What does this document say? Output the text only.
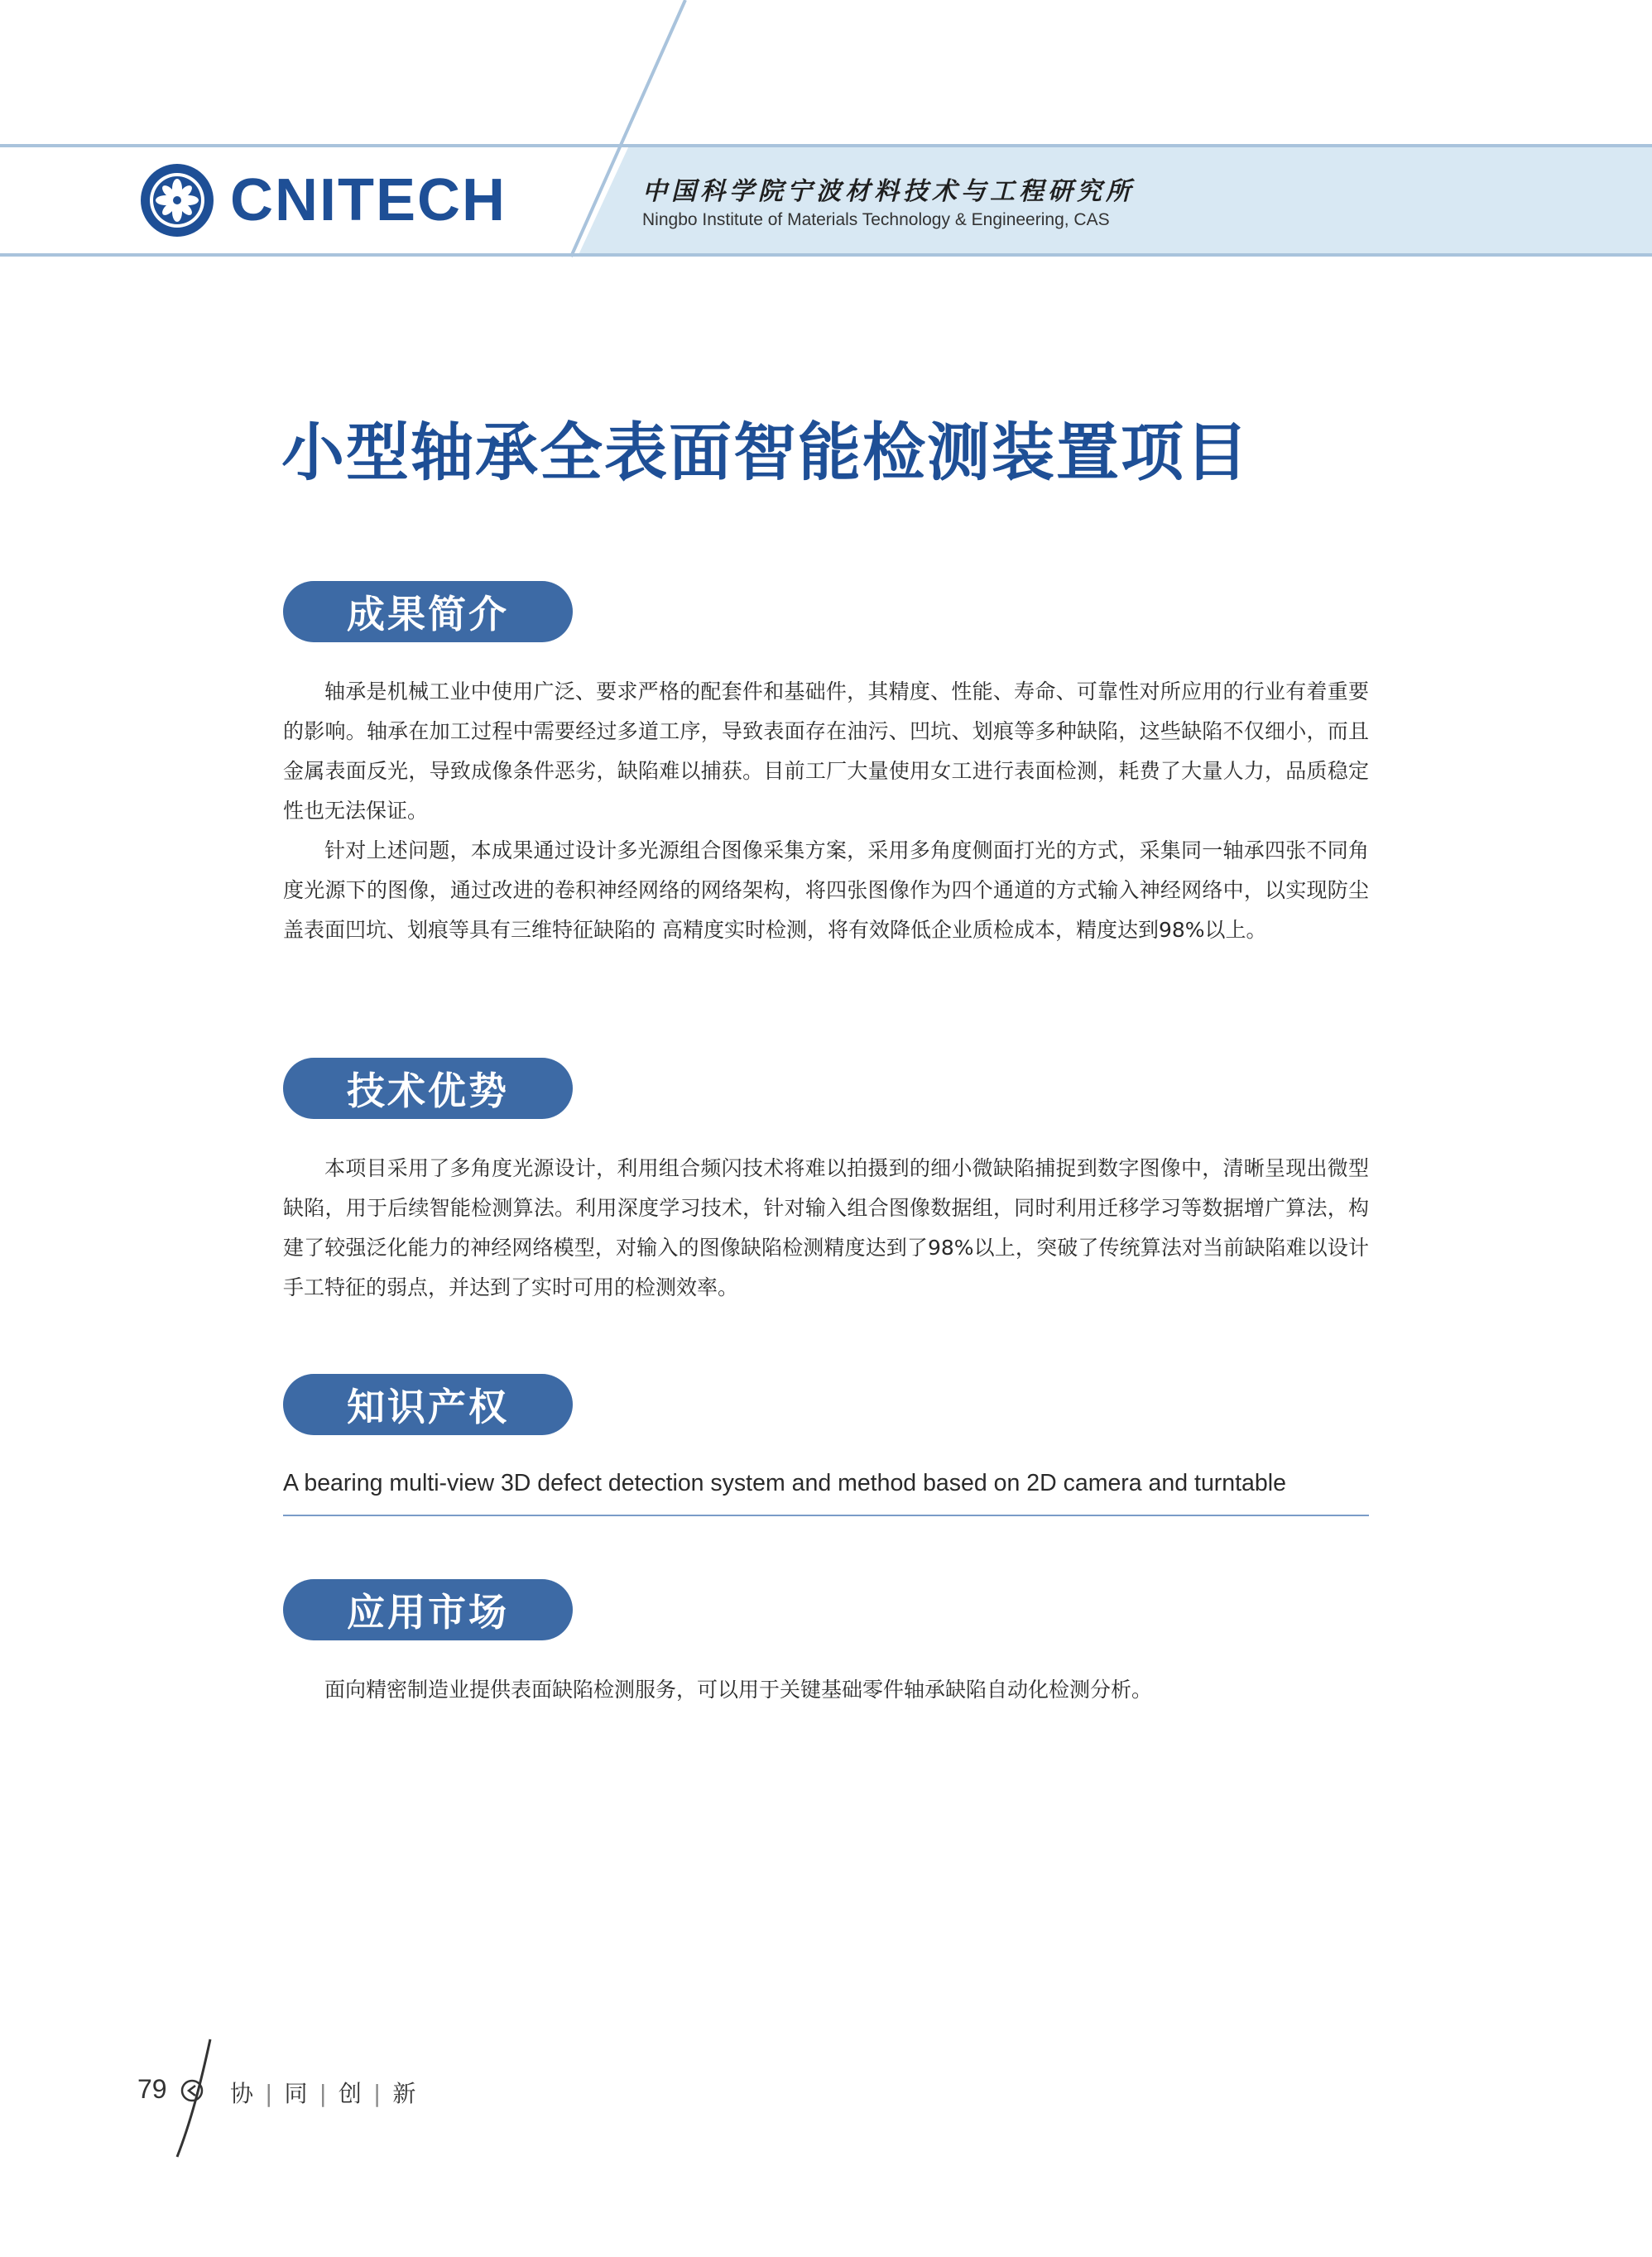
CNITECH	中国科学院宁波材料技术与工程研究所
Ningbo Institute of Materials Technology & Engineering, CAS
小型轴承全表面智能检测装置项目
成果简介

轴承是机械工业中使用广泛、要求严格的配套件和基础件，其精度、性能、寿命、可靠性对所应用的行业有着重要的影响。轴承在加工过程中需要经过多道工序，导致表面存在油污、凹坑、划痕等多种缺陷，这些缺陷不仅细小，而且金属表面反光，导致成像条件恶劣，缺陷难以捕获。目前工厂大量使用女工进行表面检测，耗费了大量人力，品质稳定性也无法保证。

针对上述问题，本成果通过设计多光源组合图像采集方案，采用多角度侧面打光的方式，采集同一轴承四张不同角度光源下的图像，通过改进的卷积神经网络的网络架构，将四张图像作为四个通道的方式输入神经网络中，以实现防尘盖表面凹坑、划痕等具有三维特征缺陷的 高精度实时检测，将有效降低企业质检成本，精度达到98%以上。

技术优势

本项目采用了多角度光源设计，利用组合频闪技术将难以拍摄到的细小微缺陷捕捉到数字图像中，清晰呈现出微型缺陷，用于后续智能检测算法。利用深度学习技术，针对输入组合图像数据组，同时利用迁移学习等数据增广算法，构建了较强泛化能力的神经网络模型，对输入的图像缺陷检测精度达到了98%以上，突破了传统算法对当前缺陷难以设计手工特征的弱点，并达到了实时可用的检测效率。

知识产权
A bearing multi-view 3D defect detection system and method based on 2D camera and turntable
应用市场

面向精密制造业提供表面缺陷检测服务，可以用于关键基础零件轴承缺陷自动化检测分析。

79	协 | 同 | 创 | 新
